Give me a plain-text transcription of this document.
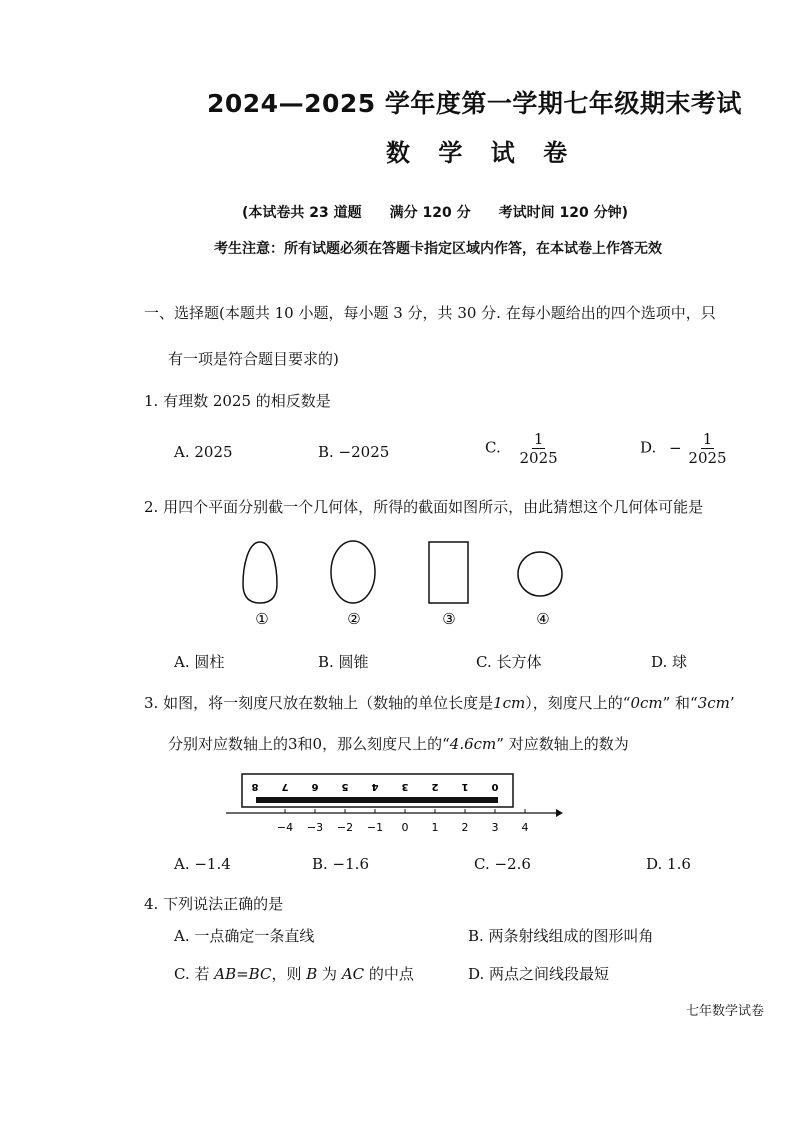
2024—2025 学年度第一学期七年级期末考试
数 学 试 卷
(本试卷共 23 道题　　满分 120 分　　考试时间 120 分钟)
考生注意：所有试题必须在答题卡指定区域内作答，在本试卷上作答无效
一、选择题(本题共 10 小题，每小题 3 分，共 30 分. 在每小题给出的四个选项中，只
有一项是符合题目要求的)
1. 有理数 2025 的相反数是
A. 2025	B. −2025	C. $\frac{1}{2025}$	D. − $\frac{1}{2025}$
2. 用四个平面分别截一个几何体，所得的截面如图所示，由此猜想这个几何体可能是
①	②	③	④
A. 圆柱	B. 圆锥	C. 长方体	D. 球
3. 如图，将一刻度尺放在数轴上（数轴的单位长度是1cm），刻度尺上的“0cm” 和“3cm’
分别对应数轴上的3和0，那么刻度尺上的“4.6cm” 对应数轴上的数为
8 7 6 5 4 3 2 1 0
−4 −3 −2 −1 0 1 2 3 4
A. −1.4	B. −1.6	C. −2.6	D. 1.6
4. 下列说法正确的是
A. 一点确定一条直线	B. 两条射线组成的图形叫角
C. 若 AB=BC，则 B 为 AC 的中点	D. 两点之间线段最短
七年数学试卷
